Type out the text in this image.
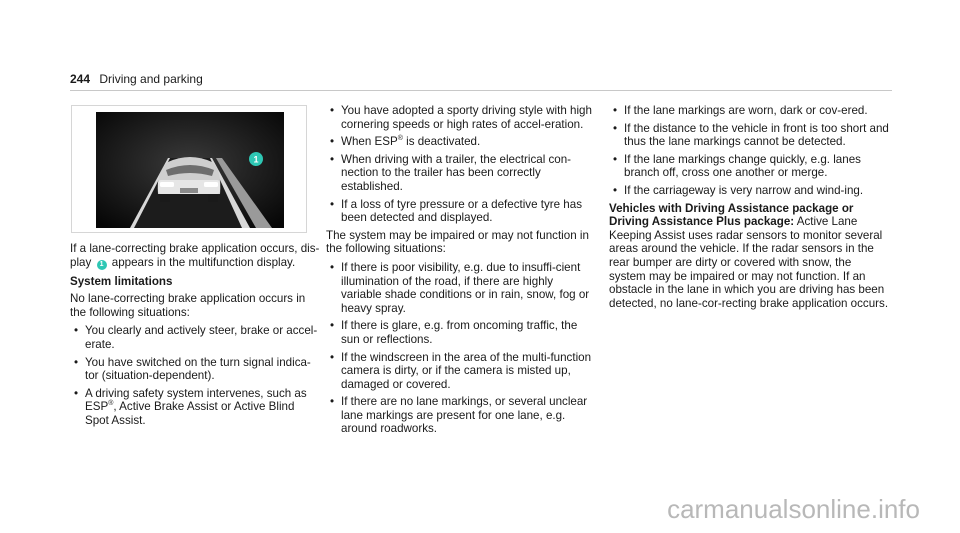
244 Driving and parking
1

If a lane-correcting brake application occurs, dis- play 1 appears in the multifunction display.

System limitations

No lane-correcting brake application occurs in the following situations:

• You clearly and actively steer, brake or accel-erate.
• You have switched on the turn signal indica-tor (situation-dependent).
• A driving safety system intervenes, such as ESP®, Active Brake Assist or Active Blind Spot Assist.
• You have adopted a sporty driving style with high cornering speeds or high rates of accel-eration.
• When ESP® is deactivated.
• When driving with a trailer, the electrical con-nection to the trailer has been correctly established.
• If a loss of tyre pressure or a defective tyre has been detected and displayed.

The system may be impaired or may not function in the following situations:

• If there is poor visibility, e.g. due to insuffi-cient illumination of the road, if there are highly variable shade conditions or in rain, snow, fog or heavy spray.
• If there is glare, e.g. from oncoming traffic, the sun or reflections.
• If the windscreen in the area of the multi-function camera is dirty, or if the camera is misted up, damaged or covered.
• If there are no lane markings, or several unclear lane markings are present for one lane, e.g. around roadworks.
• If the lane markings are worn, dark or cov-ered.
• If the distance to the vehicle in front is too short and thus the lane markings cannot be detected.
• If the lane markings change quickly, e.g. lanes branch off, cross one another or merge.
• If the carriageway is very narrow and wind-ing.

Vehicles with Driving Assistance package or Driving Assistance Plus package: Active Lane Keeping Assist uses radar sensors to monitor several areas around the vehicle. If the radar sensors in the rear bumper are dirty or covered with snow, the system may be impaired or may not function. If an obstacle in the lane in which you are driving has been detected, no lane-cor-recting brake application occurs.

carmanualsonline.info
